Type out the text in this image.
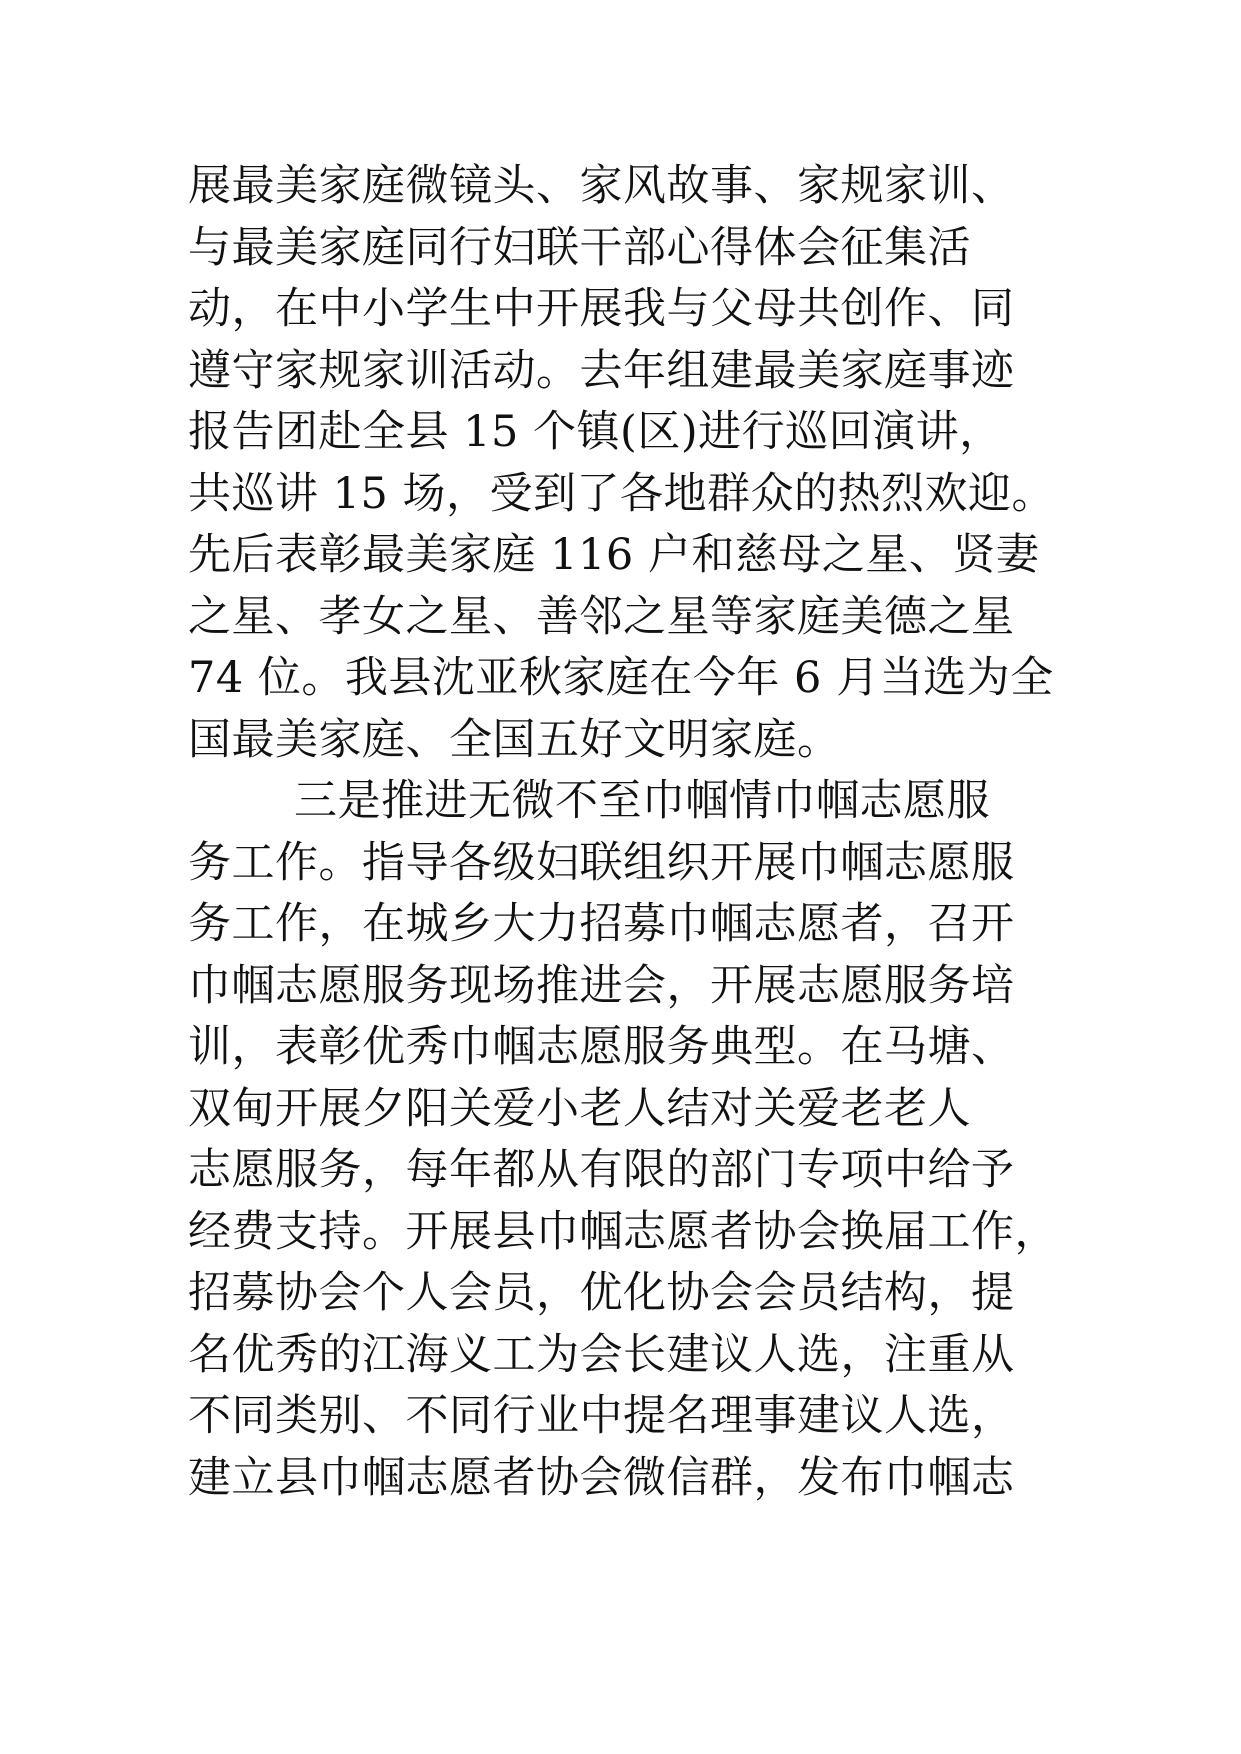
展最美家庭微镜头、家风故事、家规家训、
与最美家庭同行妇联干部心得体会征集活
动，在中小学生中开展我与父母共创作、同
遵守家规家训活动。去年组建最美家庭事迹
报告团赴全县 15 个镇(区)进行巡回演讲，
共巡讲 15 场，受到了各地群众的热烈欢迎。
先后表彰最美家庭 116 户和慈母之星、贤妻
之星、孝女之星、善邻之星等家庭美德之星
74 位。我县沈亚秋家庭在今年 6 月当选为全
国最美家庭、全国五好文明家庭。
三是推进无微不至巾帼情巾帼志愿服
务工作。指导各级妇联组织开展巾帼志愿服
务工作，在城乡大力招募巾帼志愿者，召开
巾帼志愿服务现场推进会，开展志愿服务培
训，表彰优秀巾帼志愿服务典型。在马塘、
双甸开展夕阳关爱小老人结对关爱老老人
志愿服务，每年都从有限的部门专项中给予
经费支持。开展县巾帼志愿者协会换届工作，
招募协会个人会员，优化协会会员结构，提
名优秀的江海义工为会长建议人选，注重从
不同类别、不同行业中提名理事建议人选，
建立县巾帼志愿者协会微信群，发布巾帼志
